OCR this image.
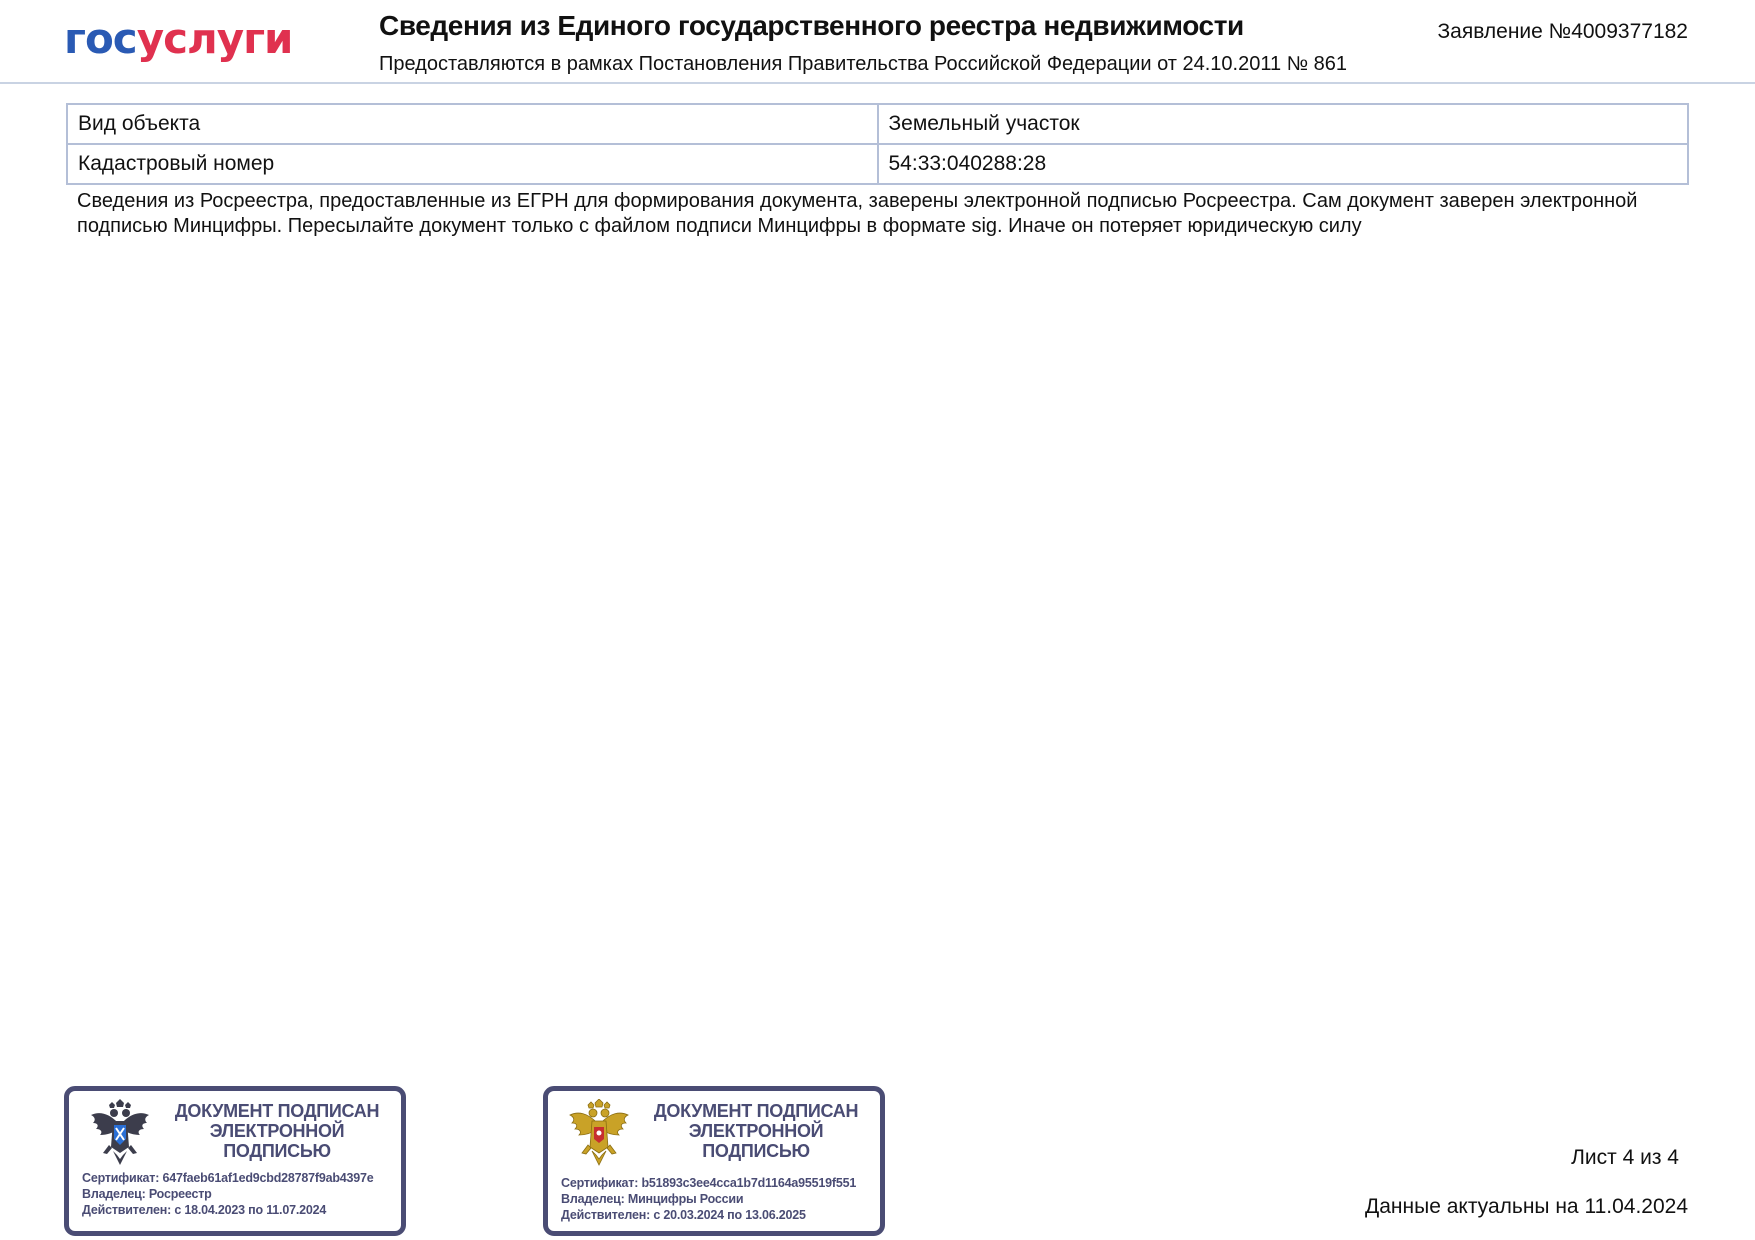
госуслуги	Сведения из Единого государственного реестра недвижимости
Предоставляются в рамках Постановления Правительства Российской Федерации от 24.10.2011 № 861
Заявление №4009377182
Вид объекта	Земельный участок
Кадастровый номер	54:33:040288:28
Сведения из Росреестра, предоставленные из ЕГРН для формирования документа, заверены электронной подписью Росреестра. Сам документ заверен электронной подписью Минцифры. Пересылайте документ только с файлом подписи Минцифры в формате sig. Иначе он потеряет юридическую силу
ДОКУМЕНТ ПОДПИСАН ЭЛЕКТРОННОЙ ПОДПИСЬЮ
Сертификат: 647faeb61af1ed9cbd28787f9ab4397e
Владелец: Росреестр
Действителен: с 18.04.2023 по 11.07.2024
ДОКУМЕНТ ПОДПИСАН ЭЛЕКТРОННОЙ ПОДПИСЬЮ
Сертификат: b51893c3ee4cca1b7d1164a95519f551
Владелец: Минцифры России
Действителен: с 20.03.2024 по 13.06.2025
Лист 4 из 4
Данные актуальны на 11.04.2024
